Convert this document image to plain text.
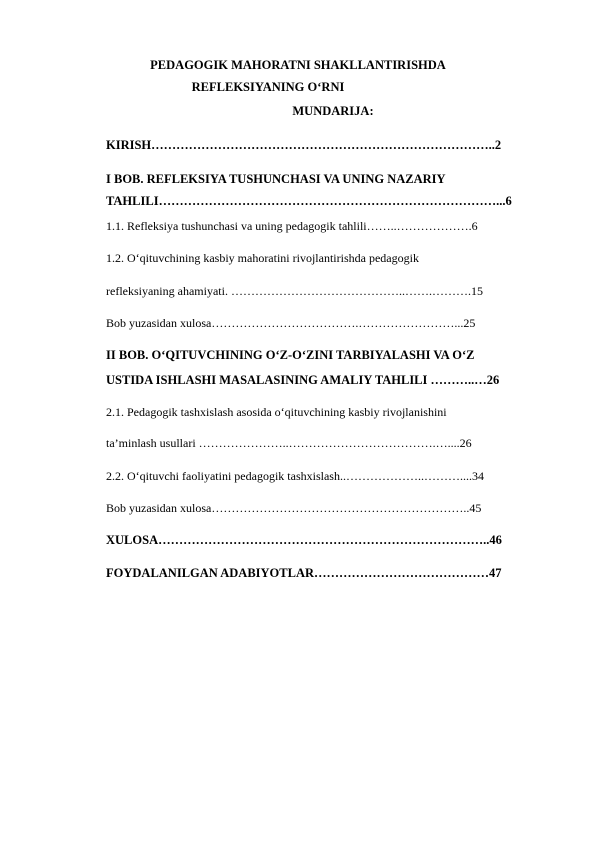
PEDAGOGIK MAHORATNI SHAKLLANTIRISHDA
REFLEKSIYANING O‘RNI
MUNDARIJA:
KIRISH………………………………………………………………………..2
I BOB. REFLEKSIYA TUSHUNCHASI VA UNING NAZARIY
TAHLILI………………………………………………………………………...6
1.1. Refleksiya tushunchasi va uning pedagogik tahlili……..……………….6
1.2. O‘qituvchining kasbiy mahoratini rivojlantirishda pedagogik
refleksiyaning ahamiyati. ……………………………………..…….……….15
Bob yuzasidan xulosa……………………………….……………………...25
II BOB. O‘QITUVCHINING O‘Z-O‘ZINI TARBIYALASHI VA O‘Z
USTIDA ISHLASHI MASALASINING AMALIY TAHLILI ………..…26
2.1. Pedagogik tashxislash asosida o‘qituvchining kasbiy rivojlanishini
ta’minlash usullari …………………..……………………………….…....26
2.2. O‘qituvchi faoliyatini pedagogik tashxislash..………………..………....34
Bob yuzasidan xulosa………………………………………………………..45
XULOSA……………………………………………………………………..46
FOYDALANILGAN ADABIYOTLAR……………………………………47
